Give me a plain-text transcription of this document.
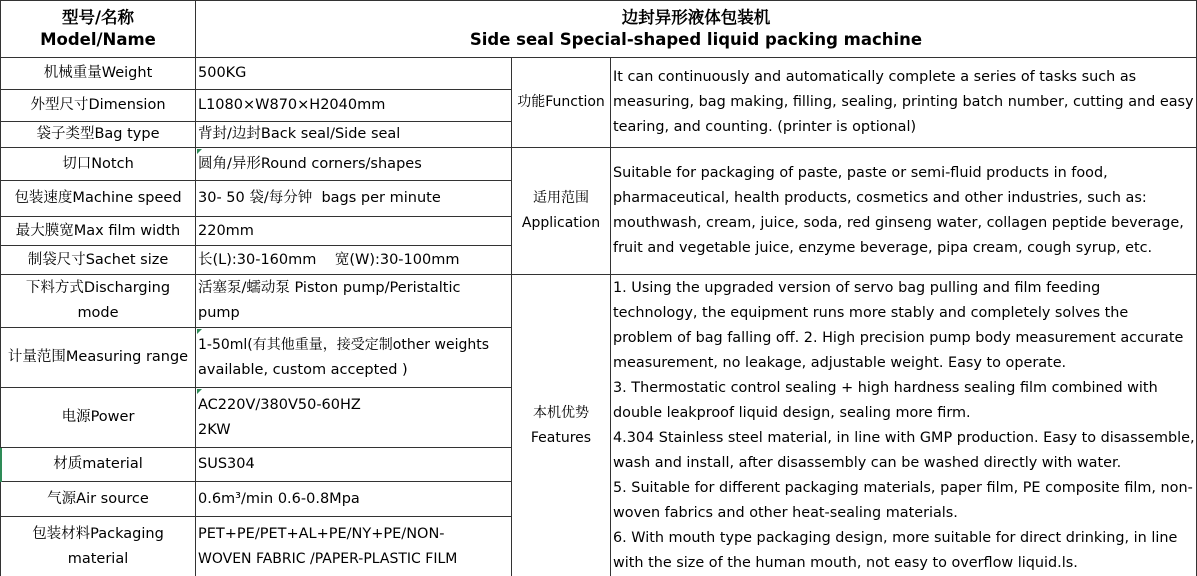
型号/名称
Model/Name
边封异形液体包装机
Side seal Special-shaped liquid packing machine
机械重量Weight
外型尺寸Dimension
袋子类型Bag type
切口Notch
包装速度Machine speed
最大膜宽Max film width
制袋尺寸Sachet size
下料方式Discharging
mode
计量范围Measuring range
电源Power
材质material
气源Air source
包装材料Packaging
material
500KG
L1080×W870×H2040mm
背封/边封Back seal/Side seal
圆角/异形Round corners/shapes
30- 50 袋/每分钟  bags per minute
220mm
长(L):30-160mm    宽(W):30-100mm
活塞泵/蠕动泵 Piston pump/Peristaltic
pump
1-50ml(有其他重量，接受定制other weights
available, custom accepted )
AC220V/380V50-60HZ
2KW
SUS304
0.6m³/min 0.6-0.8Mpa
PET+PE/PET+AL+PE/NY+PE/NON-
WOVEN FABRIC /PAPER-PLASTIC FILM
功能Function
适用范围
Application
本机优势
Features
It can continuously and automatically complete a series of tasks such as
measuring, bag making, filling, sealing, printing batch number, cutting and easy
tearing, and counting. (printer is optional)
Suitable for packaging of paste, paste or semi-fluid products in food,
pharmaceutical, health products, cosmetics and other industries, such as:
mouthwash, cream, juice, soda, red ginseng water, collagen peptide beverage,
fruit and vegetable juice, enzyme beverage, pipa cream, cough syrup, etc.
1. Using the upgraded version of servo bag pulling and film feeding
technology, the equipment runs more stably and completely solves the
problem of bag falling off. 2. High precision pump body measurement accurate
measurement, no leakage, adjustable weight. Easy to operate.
3. Thermostatic control sealing + high hardness sealing film combined with
double leakproof liquid design, sealing more firm.
4.304 Stainless steel material, in line with GMP production. Easy to disassemble,
wash and install, after disassembly can be washed directly with water.
5. Suitable for different packaging materials, paper film, PE composite film, non-
woven fabrics and other heat-sealing materials.
6. With mouth type packaging design, more suitable for direct drinking, in line
with the size of the human mouth, not easy to overflow liquid.ls.
